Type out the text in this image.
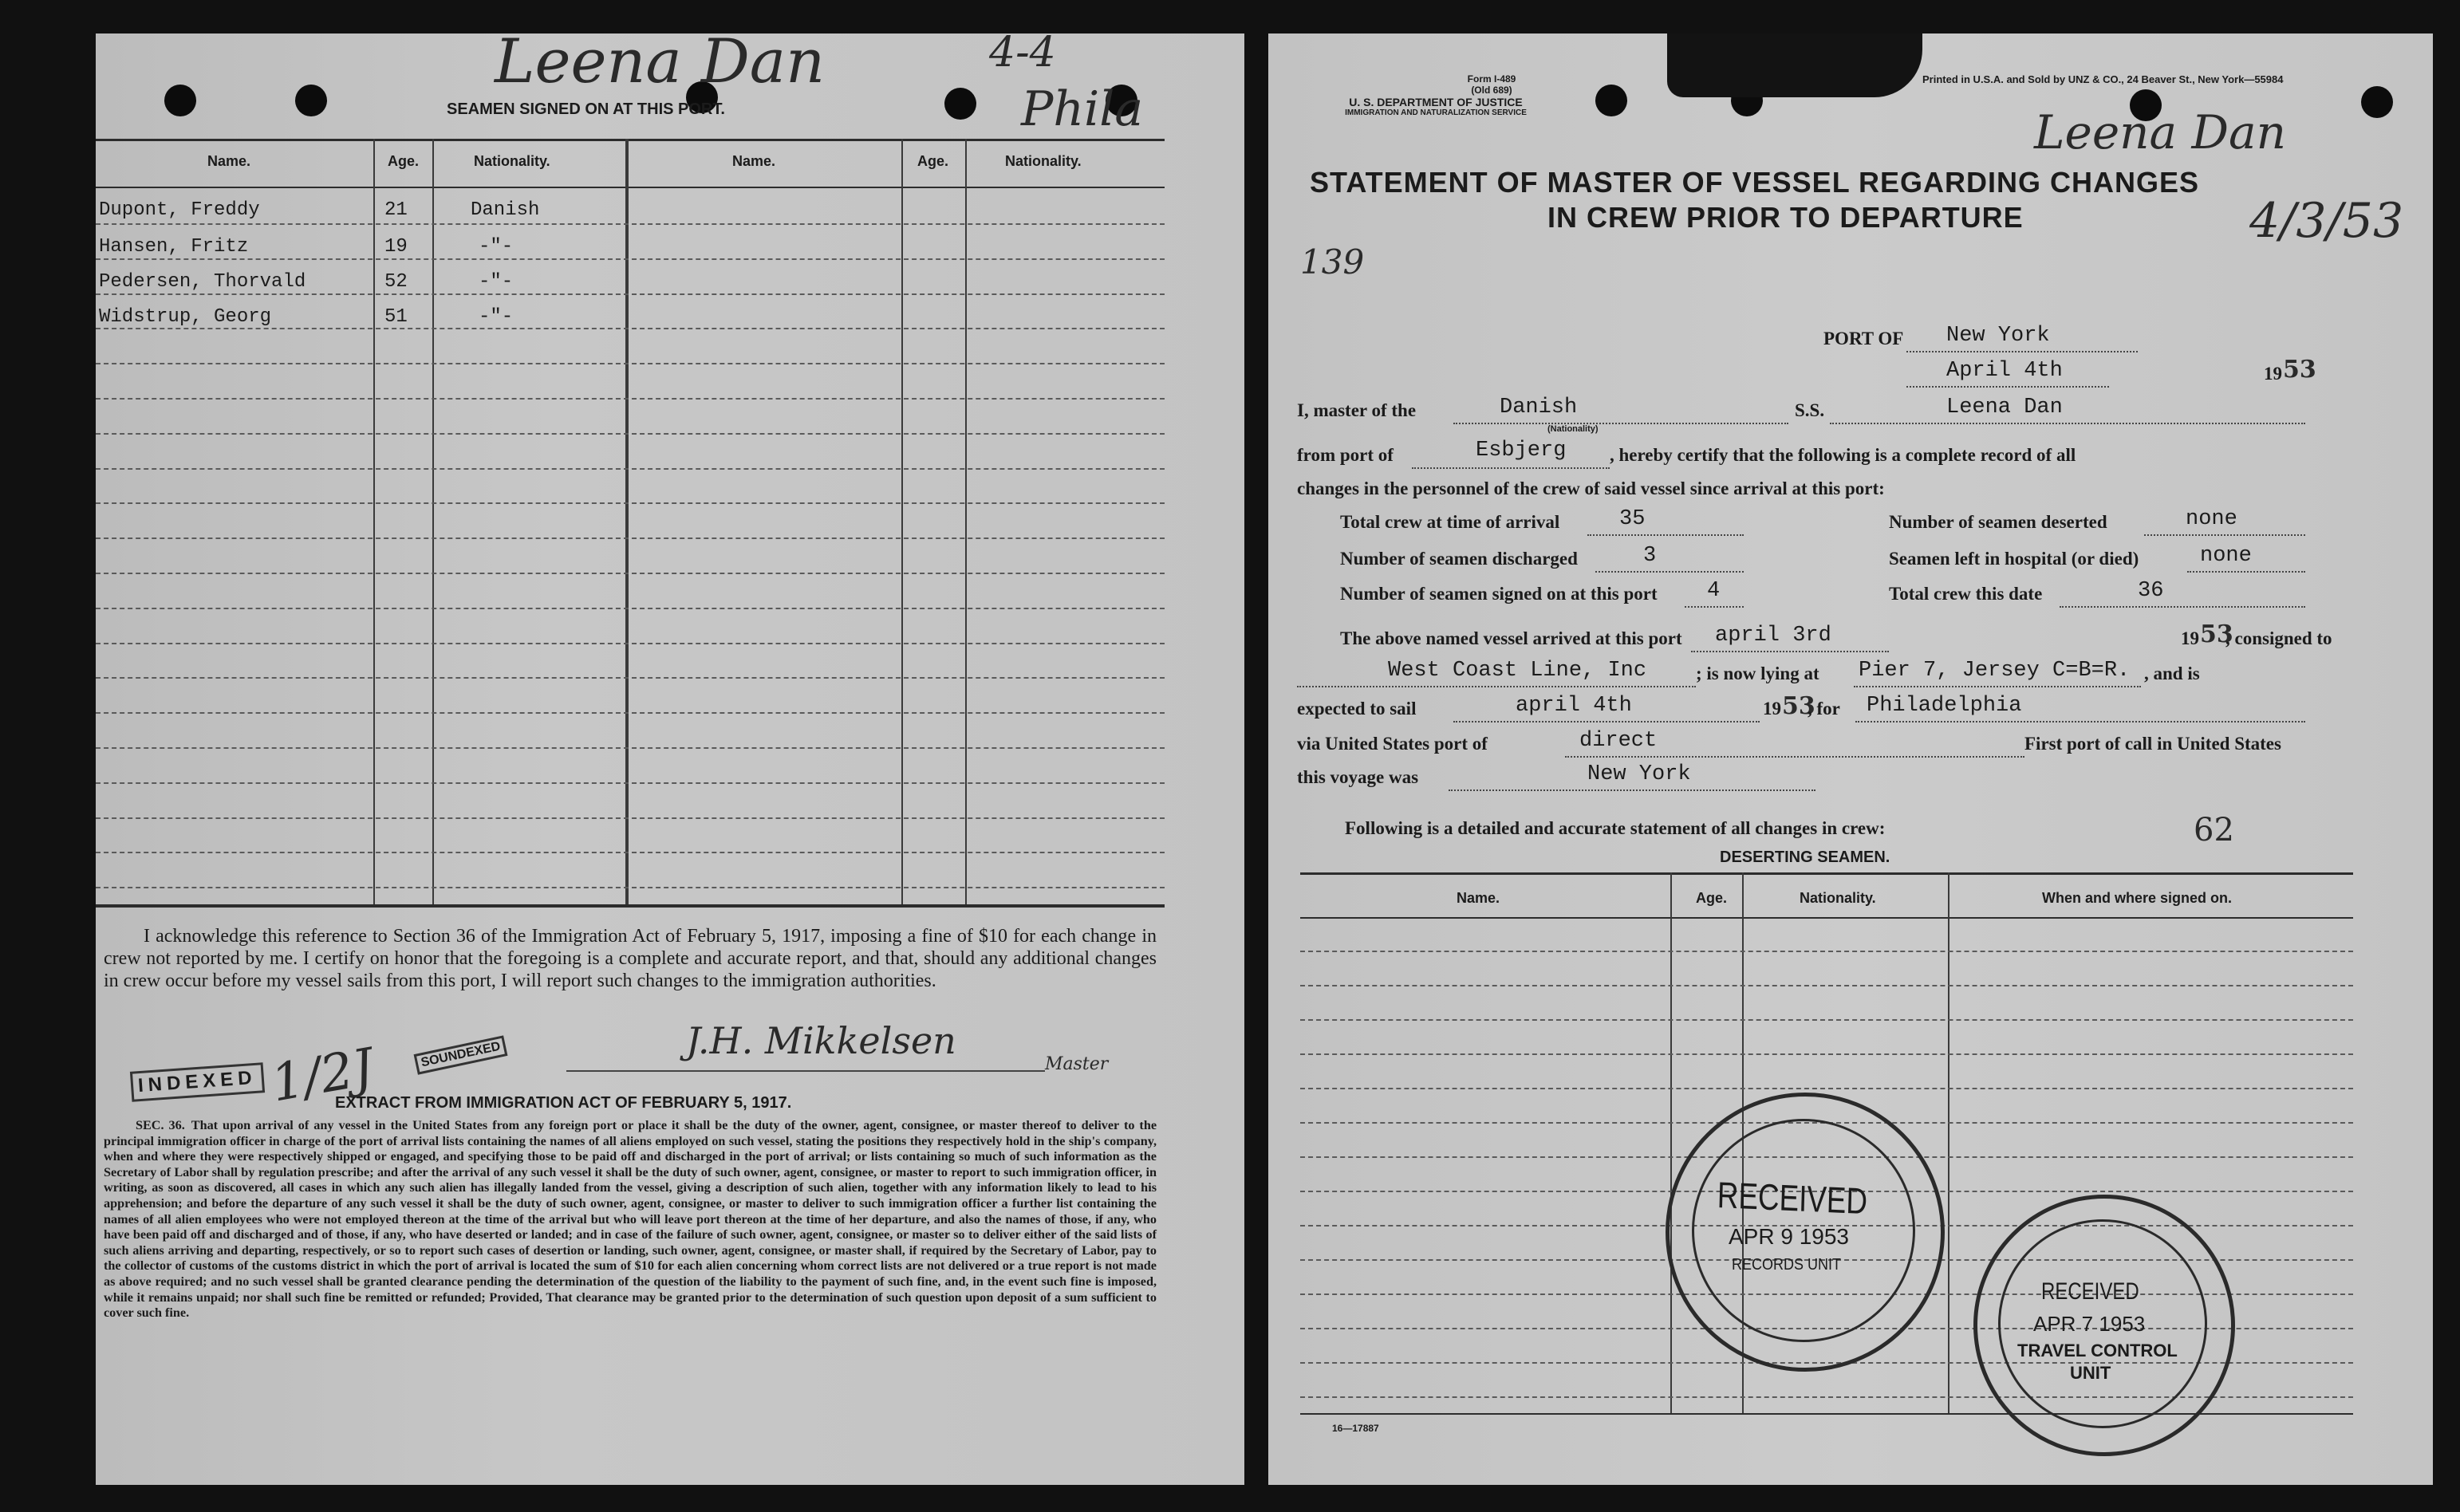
Leena Dan	4-4
Phila
SEAMEN SIGNED ON AT THIS PORT.
Name.	Age.	Nationality.	Name.	Age.	Nationality.
Dupont, Freddy	21	Danish
Hansen, Fritz	19	-"-
Pedersen, Thorvald	52	-"-
Widstrup, Georg	51	-"-
I acknowledge this reference to Section 36 of the Immigration Act of February 5, 1917, imposing a fine of $10 for each change in crew not reported by me. I certify on honor that the foregoing is a complete and accurate report, and that, should any additional changes in crew occur before my vessel sails from this port, I will report such changes to the immigration authorities.
INDEXED
SOUNDEXED	J.H. Mikkelsen
Master
1/2J
EXTRACT FROM IMMIGRATION ACT OF FEBRUARY 5, 1917.
SEC. 36. That upon arrival of any vessel in the United States from any foreign port or place it shall be the duty of the owner, agent, consignee, or master thereof to deliver to the principal immigration officer in charge of the port of arrival lists containing the names of all aliens employed on such vessel, stating the positions they respectively hold in the ship's company, when and where they were respectively shipped or engaged, and specifying those to be paid off and discharged in the port of arrival; or lists containing so much of such information as the Secretary of Labor shall by regulation prescribe; and after the arrival of any such vessel it shall be the duty of such owner, agent, consignee, or master to report to such immigration officer, in writing, as soon as discovered, all cases in which any such alien has illegally landed from the vessel, giving a description of such alien, together with any information likely to lead to his apprehension; and before the departure of any such vessel it shall be the duty of such owner, agent, consignee, or master to deliver to such immigration officer a further list containing the names of all alien employees who were not employed thereon at the time of the arrival but who will leave port thereon at the time of her departure, and also the names of those, if any, who have been paid off and discharged and of those, if any, who have deserted or landed; and in case of the failure of such owner, agent, consignee, or master so to deliver either of the said lists of such aliens arriving and departing, respectively, or so to report such cases of desertion or landing, such owner, agent, consignee, or master shall, if required by the Secretary of Labor, pay to the collector of customs of the customs district in which the port of arrival is located the sum of $10 for each alien concerning whom correct lists are not delivered or a true report is not made as above required; and no such vessel shall be granted clearance pending the determination of the question of the liability to the payment of such fine, and, in the event such fine is imposed, while it remains unpaid; nor shall such fine be remitted or refunded; Provided, That clearance may be granted prior to the determination of such question upon deposit of a sum sufficient to cover such fine.
Form I-489
(Old 689)
U. S. DEPARTMENT OF JUSTICE
IMMIGRATION AND NATURALIZATION SERVICE
Printed in U.S.A. and Sold by UNZ & CO., 24 Beaver St., New York—55984
Leena Dan
4/3/53
139
STATEMENT OF MASTER OF VESSEL REGARDING CHANGES
IN CREW PRIOR TO DEPARTURE
PORT OF New York
April 4th	19 53
I, master of the	Danish
(Nationality)
S.S.	Leena Dan
from port of	Esbjerg , hereby certify that the following is a complete record of all
changes in the personnel of the crew of said vessel since arrival at this port:
Total crew at time of arrival	35	Number of seamen deserted	none
Number of seamen discharged	3	Seamen left in hospital (or died)	none
Number of seamen signed on at this port 4	Total crew this date	36
The above named vessel arrived at this port april 3rd	19 53
, consigned to
West Coast Line, Inc	; is now lying at Pier 7, Jersey C=B=R. , and is
expected to sail	april 4th	19 53
, for Philadelphia
via United States port of	direct	First port of call in United States
this voyage was	New York
Following is a detailed and accurate statement of all changes in crew:	62
DESERTING SEAMEN.
Name.	Age.	Nationality.	When and where signed on.
16—17887
RECEIVED
APR 9 1953
RECORDS UNIT
RECEIVED
APR 7 1953
TRAVEL CONTROL
UNIT
